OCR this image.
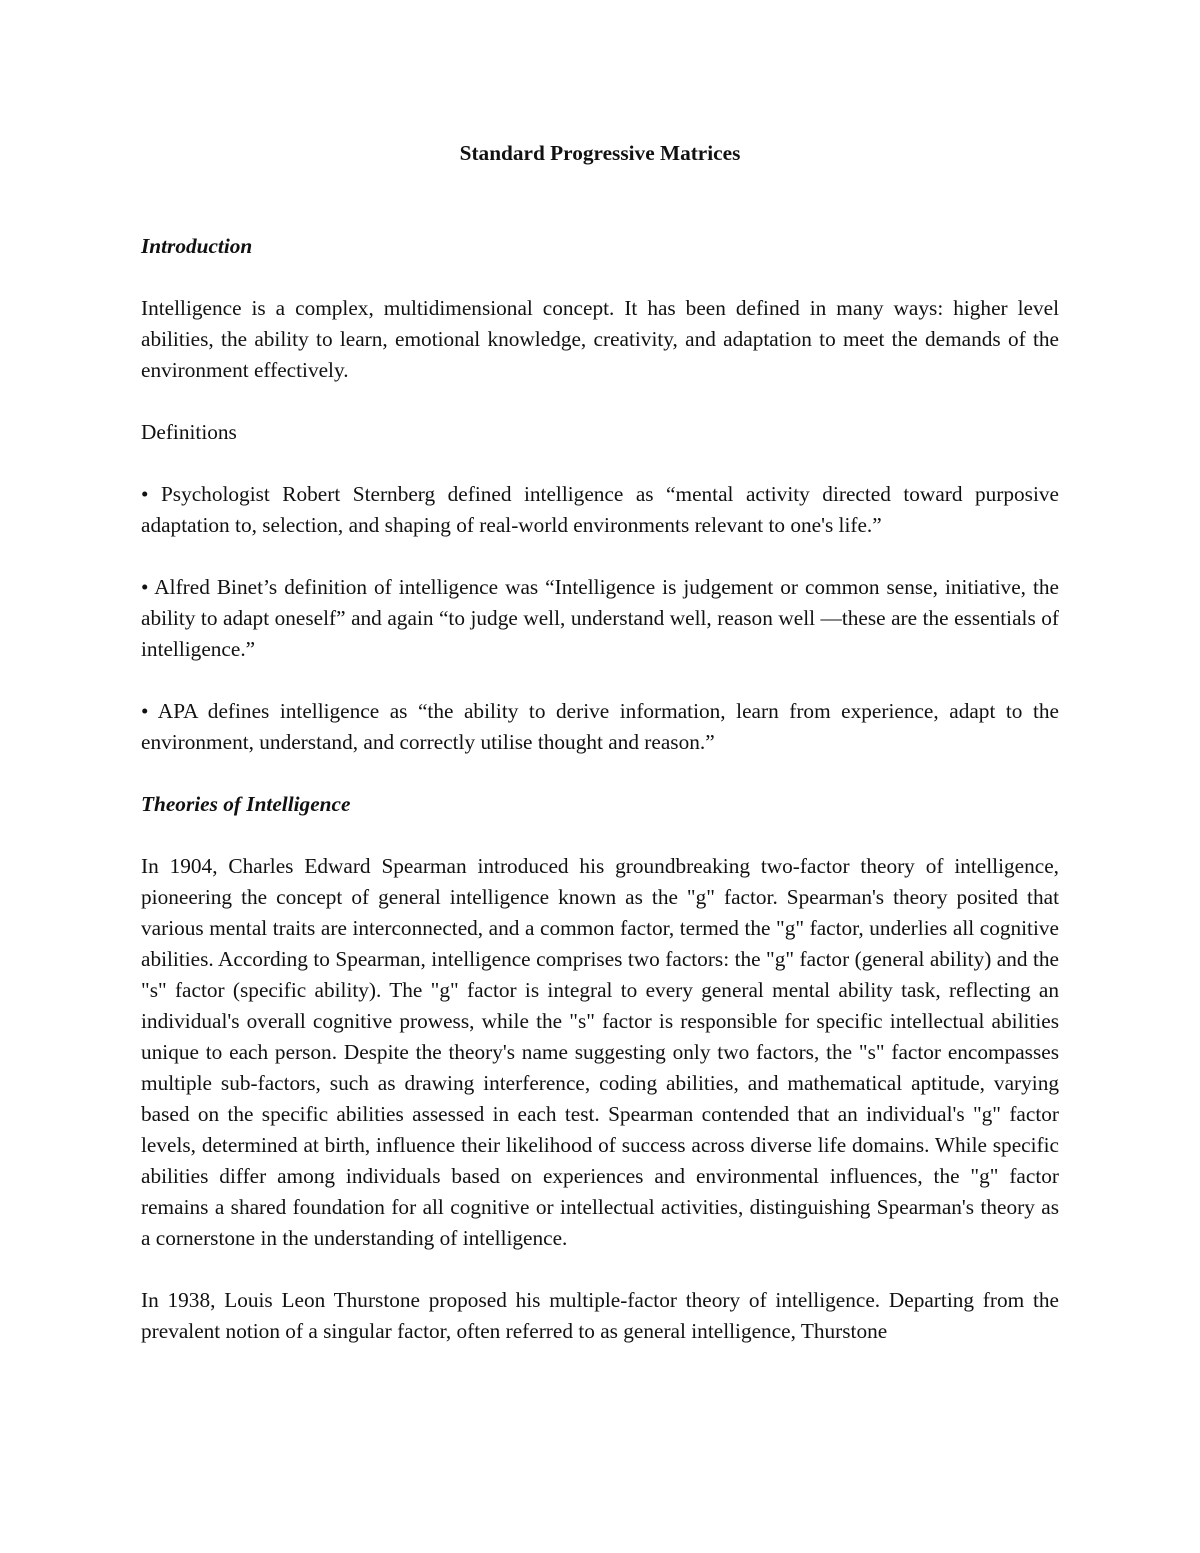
Standard Progressive Matrices
Introduction

Intelligence is a complex, multidimensional concept. It has been defined in many ways: higher level abilities, the ability to learn, emotional knowledge, creativity, and adaptation to meet the demands of the environment effectively.

Definitions

• Psychologist Robert Sternberg defined intelligence as “mental activity directed toward purposive adaptation to, selection, and shaping of real-world environments relevant to one's life.”

• Alfred Binet’s definition of intelligence was “Intelligence is judgement or common sense, initiative, the ability to adapt oneself” and again “to judge well, understand well, reason well —these are the essentials of intelligence.”

• APA defines intelligence as “the ability to derive information, learn from experience, adapt to the environment, understand, and correctly utilise thought and reason.”

Theories of Intelligence

In 1904, Charles Edward Spearman introduced his groundbreaking two-factor theory of intelligence, pioneering the concept of general intelligence known as the "g" factor. Spearman's theory posited that various mental traits are interconnected, and a common factor, termed the "g" factor, underlies all cognitive abilities. According to Spearman, intelligence comprises two factors: the "g" factor (general ability) and the "s" factor (specific ability). The "g" factor is integral to every general mental ability task, reflecting an individual's overall cognitive prowess, while the "s" factor is responsible for specific intellectual abilities unique to each person. Despite the theory's name suggesting only two factors, the "s" factor encompasses multiple sub-factors, such as drawing interference, coding abilities, and mathematical aptitude, varying based on the specific abilities assessed in each test. Spearman contended that an individual's "g" factor levels, determined at birth, influence their likelihood of success across diverse life domains. While specific abilities differ among individuals based on experiences and environmental influences, the "g" factor remains a shared foundation for all cognitive or intellectual activities, distinguishing Spearman's theory as a cornerstone in the understanding of intelligence.

In 1938, Louis Leon Thurstone proposed his multiple-factor theory of intelligence. Departing from the prevalent notion of a singular factor, often referred to as general intelligence, Thurstone
